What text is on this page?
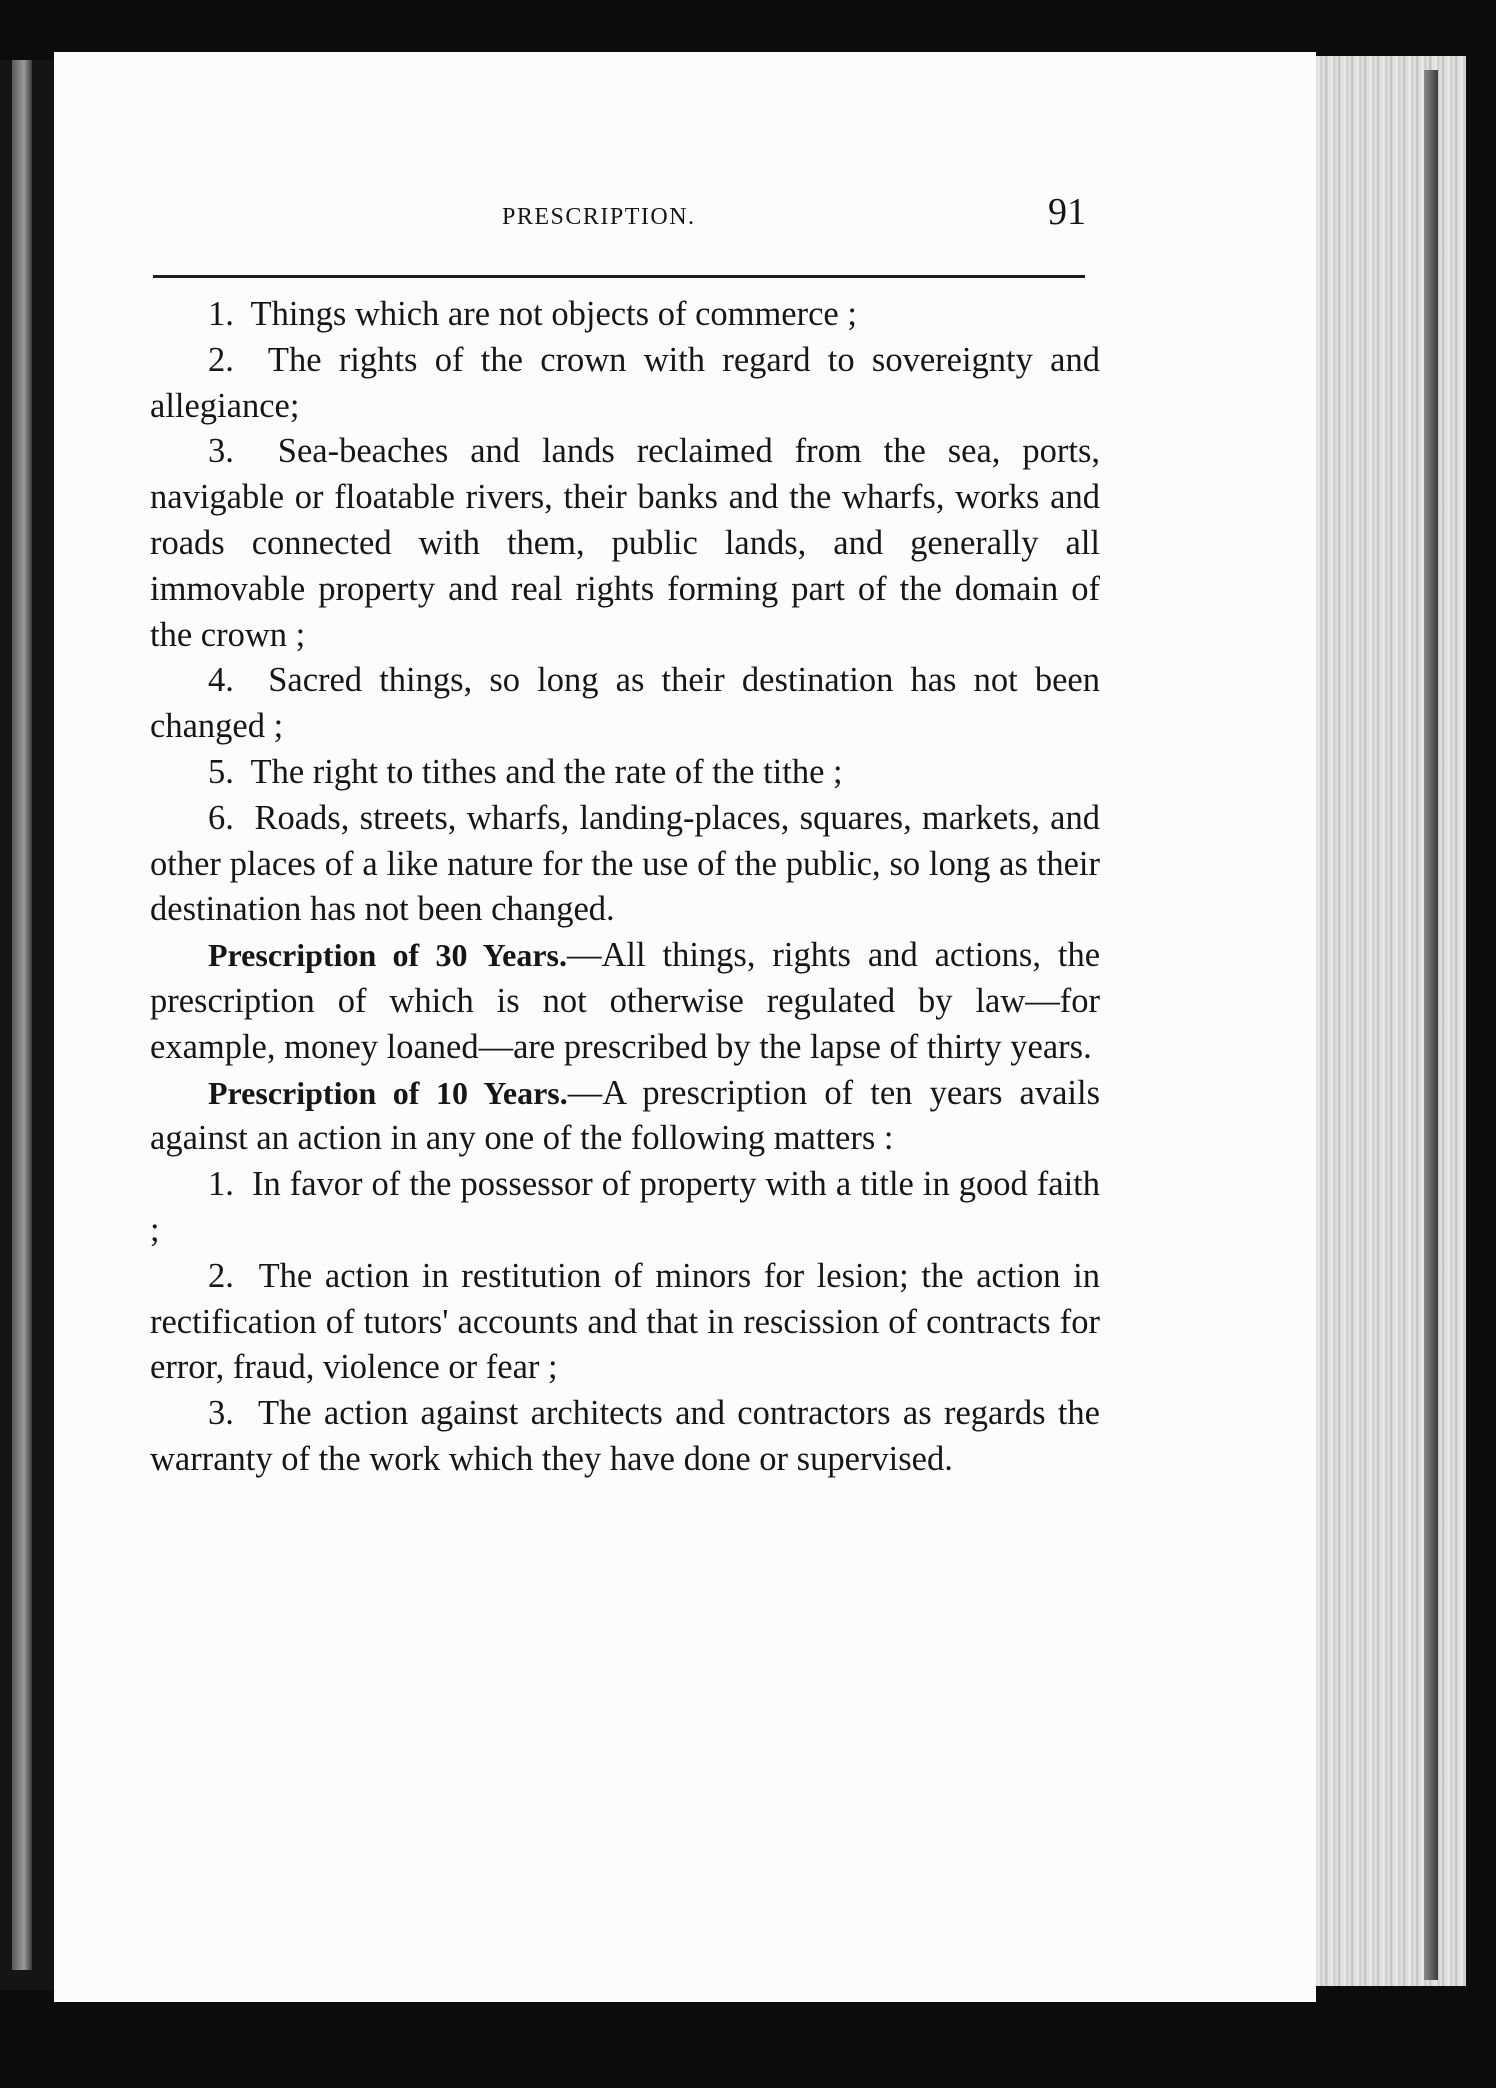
PRESCRIPTION.	91

1. Things which are not objects of commerce ;

2. The rights of the crown with regard to sovereignty and allegiance;

3. Sea-beaches and lands reclaimed from the sea, ports, navigable or floatable rivers, their banks and the wharfs, works and roads connected with them, public lands, and generally all immovable property and real rights forming part of the domain of the crown ;

4. Sacred things, so long as their destination has not been changed ;

5. The right to tithes and the rate of the tithe ;

6. Roads, streets, wharfs, landing-places, squares, markets, and other places of a like nature for the use of the public, so long as their destination has not been changed.

Prescription of 30 Years.—All things, rights and actions, the prescription of which is not otherwise regulated by law—for example, money loaned—are prescribed by the lapse of thirty years.

Prescription of 10 Years.—A prescription of ten years avails against an action in any one of the following matters :

1. In favor of the possessor of property with a title in good faith ;

2. The action in restitution of minors for lesion; the action in rectification of tutors' accounts and that in rescission of contracts for error, fraud, violence or fear ;

3. The action against architects and contractors as regards the warranty of the work which they have done or supervised.
